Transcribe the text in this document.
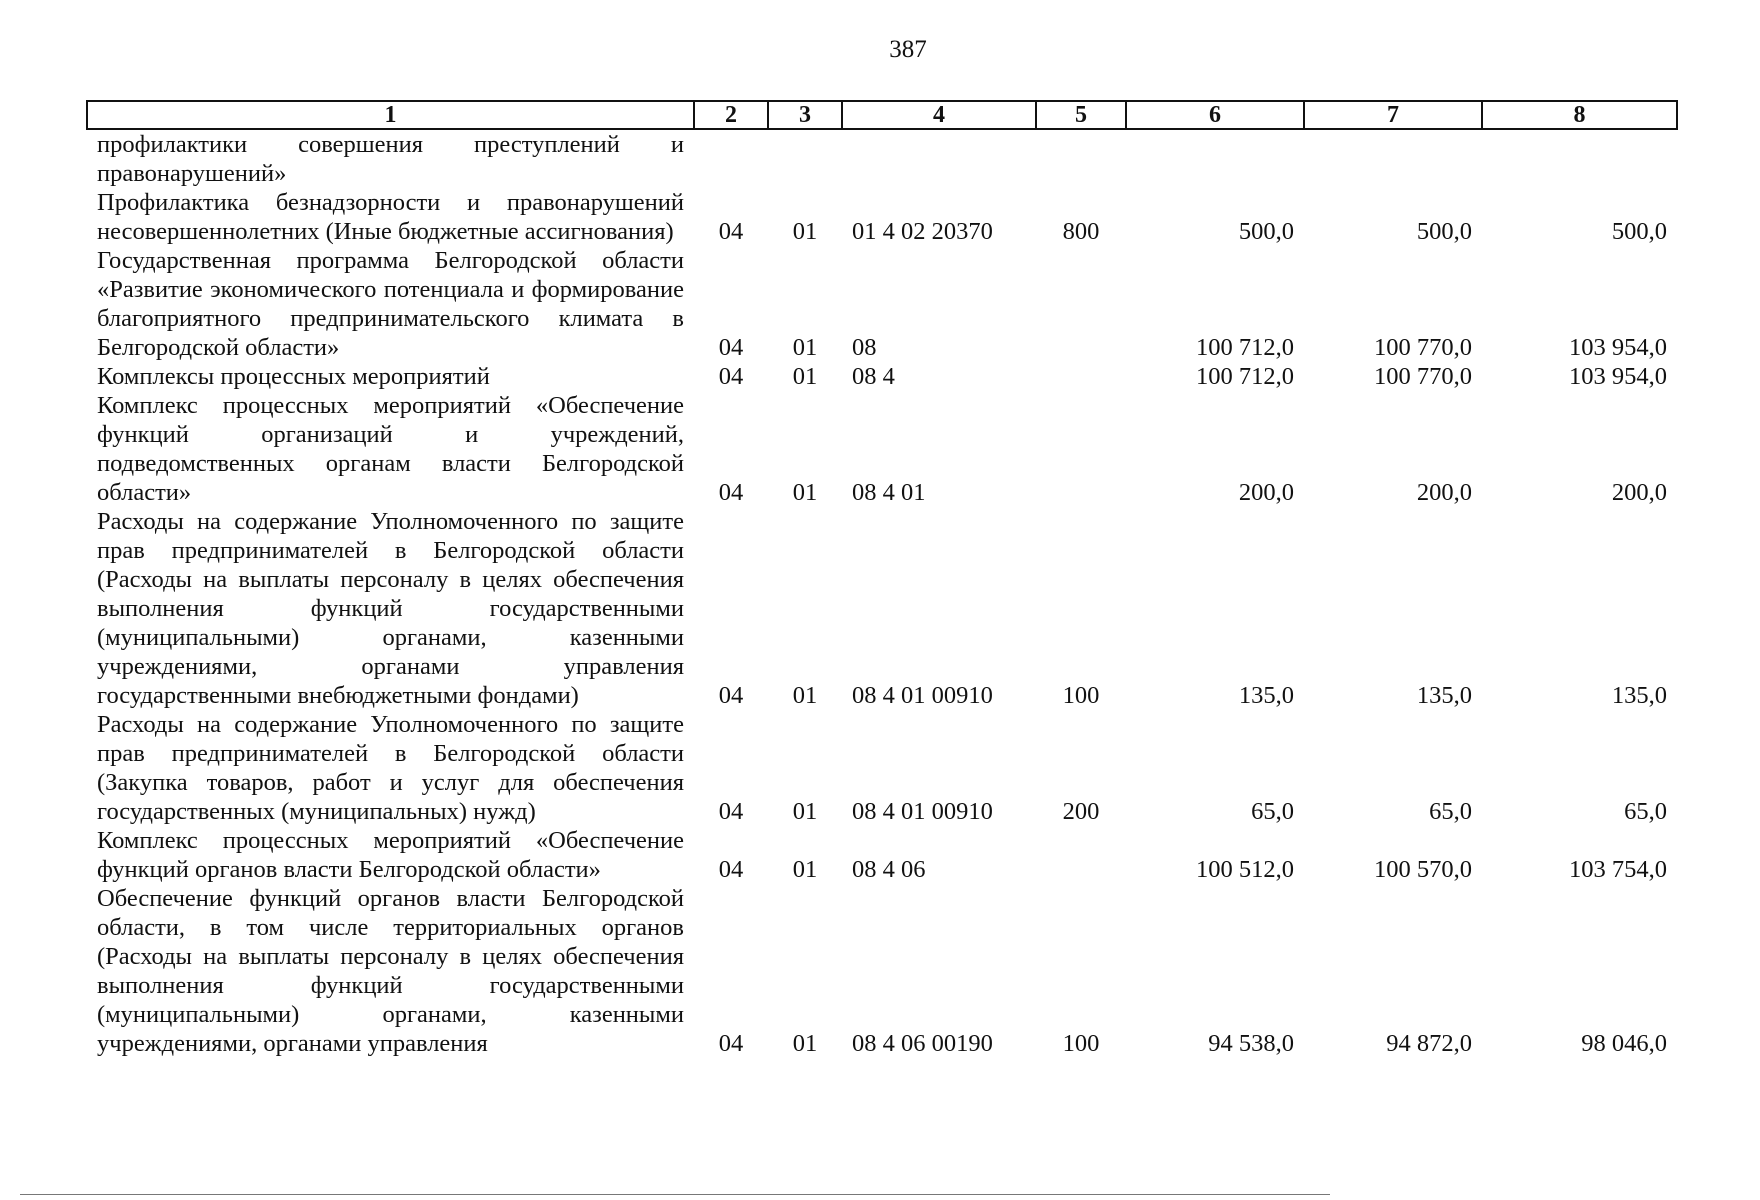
387
1	2	3	4	5	6	7	8
профилактики совершения преступлений и правонарушений»							
Профилактика безнадзорности и правонарушений несовершеннолетних (Иные бюджетные ассигнования)	04	01	01 4 02 20370	800	500,0	500,0	500,0
Государственная программа Белгородской области «Развитие экономического потенциала и формирование благоприятного предпринимательского климата в Белгородской области»	04	01	08		100 712,0	100 770,0	103 954,0
Комплексы процессных мероприятий	04	01	08 4		100 712,0	100 770,0	103 954,0
Комплекс процессных мероприятий «Обеспечение функций организаций и учреждений, подведомственных органам власти Белгородской области»	04	01	08 4 01		200,0	200,0	200,0
Расходы на содержание Уполномоченного по защите прав предпринимателей в Белгородской области (Расходы на выплаты персоналу в целях обеспечения выполнения функций государственными (муниципальными) органами, казенными учреждениями, органами управления государственными внебюджетными фондами)	04	01	08 4 01 00910	100	135,0	135,0	135,0
Расходы на содержание Уполномоченного по защите прав предпринимателей в Белгородской области (Закупка товаров, работ и услуг для обеспечения государственных (муниципальных) нужд)	04	01	08 4 01 00910	200	65,0	65,0	65,0
Комплекс процессных мероприятий «Обеспечение функций органов власти Белгородской области»	04	01	08 4 06		100 512,0	100 570,0	103 754,0
Обеспечение функций органов власти Белгородской области, в том числе территориальных органов (Расходы на выплаты персоналу в целях обеспечения выполнения функций государственными (муниципальными) органами, казенными учреждениями, органами управления	04	01	08 4 06 00190	100	94 538,0	94 872,0	98 046,0
